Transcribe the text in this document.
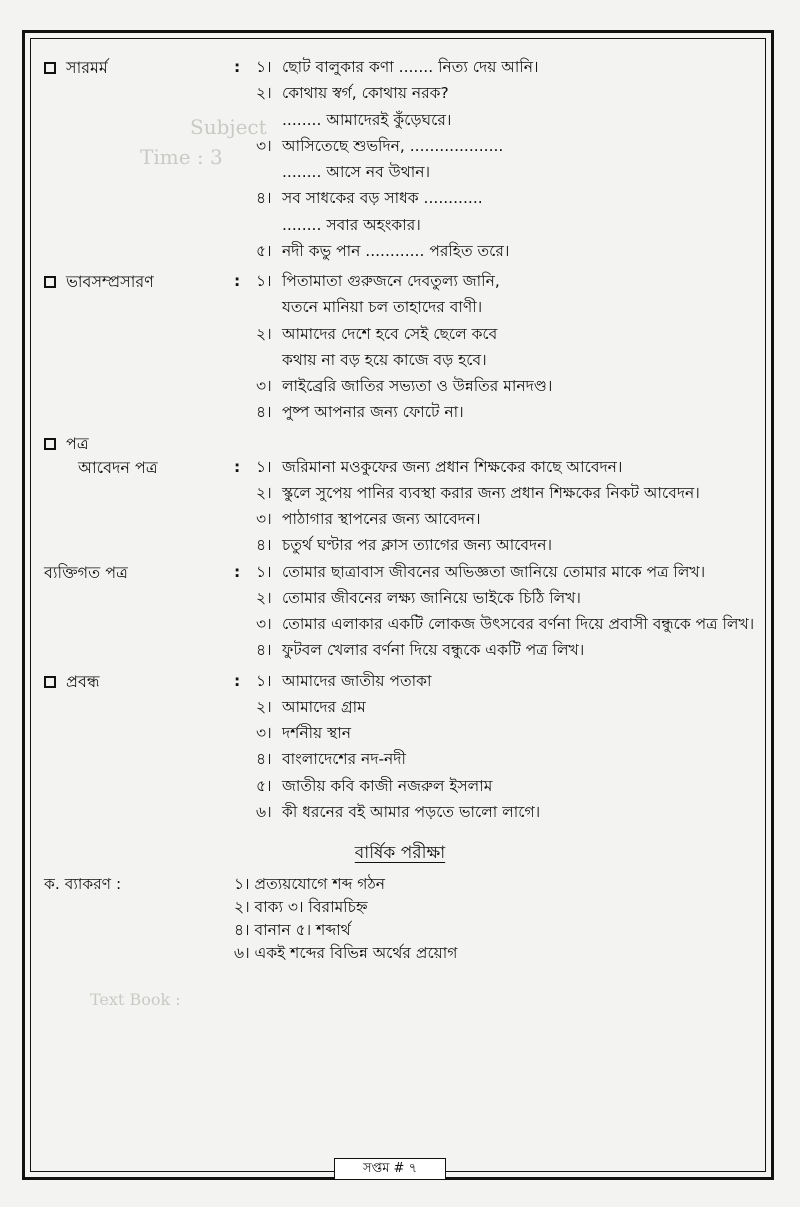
Subject
Time : 3
Text Book :
সারমর্ম	:	১। ছোট বালুকার কণা ....... নিত্য দেয় আনি।
২। কোথায় স্বর্গ, কোথায় নরক?
........ আমাদেরই কুঁড়েঘরে।
৩। আসিতেছে শুভদিন, ...................
........ আসে নব উথান।
৪। সব সাধকের বড় সাধক ............
........ সবার অহংকার।
৫। নদী কভু পান ............ পরহিত তরে।
ভাবসম্প্রসারণ	:	১। পিতামাতা গুরুজনে দেবতুল্য জানি,
যতনে মানিয়া চল তাহাদের বাণী।
২। আমাদের দেশে হবে সেই ছেলে কবে
কথায় না বড় হয়ে কাজে বড় হবে।
৩। লাইব্রেরি জাতির সভ্যতা ও উন্নতির মানদণ্ড।
৪। পুষ্প আপনার জন্য ফোটে না।
পত্র
আবেদন পত্র	:	১। জরিমানা মওকুফের জন্য প্রধান শিক্ষকের কাছে আবেদন।
২। স্কুলে সুপেয় পানির ব্যবস্থা করার জন্য প্রধান শিক্ষকের নিকট আবেদন।
৩। পাঠাগার স্থাপনের জন্য আবেদন।
৪। চতুর্থ ঘণ্টার পর ক্লাস ত্যাগের জন্য আবেদন।
ব্যক্তিগত পত্র	:	১। তোমার ছাত্রাবাস জীবনের অভিজ্ঞতা জানিয়ে তোমার মাকে পত্র লিখ।
২। তোমার জীবনের লক্ষ্য জানিয়ে ভাইকে চিঠি লিখ।
৩। তোমার এলাকার একটি লোকজ উৎসবের বর্ণনা দিয়ে প্রবাসী বন্ধুকে পত্র লিখ।
৪। ফুটবল খেলার বর্ণনা দিয়ে বন্ধুকে একটি পত্র লিখ।
প্রবন্ধ	:	১। আমাদের জাতীয় পতাকা
২। আমাদের গ্রাম
৩। দর্শনীয় স্থান
৪। বাংলাদেশের নদ-নদী
৫। জাতীয় কবি কাজী নজরুল ইসলাম
৬। কী ধরনের বই আমার পড়তে ভালো লাগে।
বার্ষিক পরীক্ষা
ক. ব্যাকরণ :	১। প্রত্যয়যোগে শব্দ গঠন
২। বাক্য ৩। বিরামচিহ্ন
৪। বানান ৫। শব্দার্থ
৬। একই শব্দের বিভিন্ন অর্থের প্রয়োগ
সপ্তম # ৭
